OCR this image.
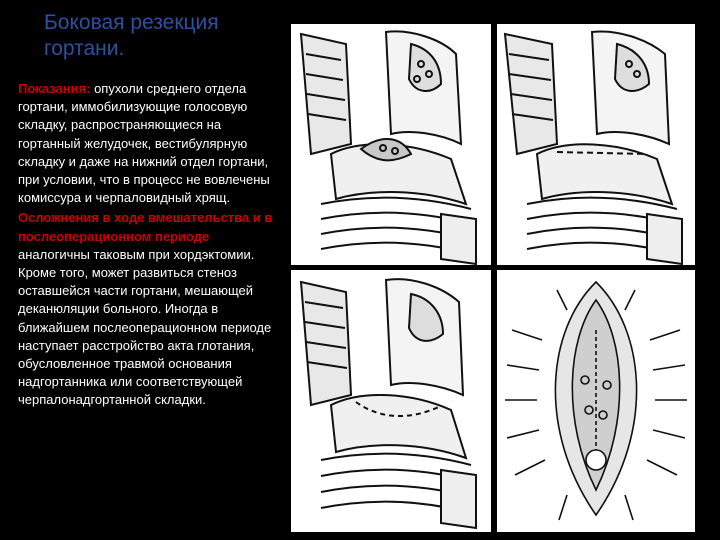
Боковая резекция гортани.

Показания: опухоли среднего отдела гортани, иммобилизующие голосовую складку, распространяющиеся на гортанный желудочек, вестибулярную складку и даже на нижний отдел гортани, при условии, что в процесс не вовлечены комиссура и черпаловидный хрящ.

Осложнения в ходе вмешательства и в послеоперационном периоде аналогичны таковым при хордэктомии. Кроме того, может развиться стеноз оставшейся части гортани, мешающей деканюляции больного. Иногда в ближайшем послеоперационном периоде наступает расстройство акта глотания, обусловленное травмой основания надгортанника или соответствующей черпалонадгортанной складки.
